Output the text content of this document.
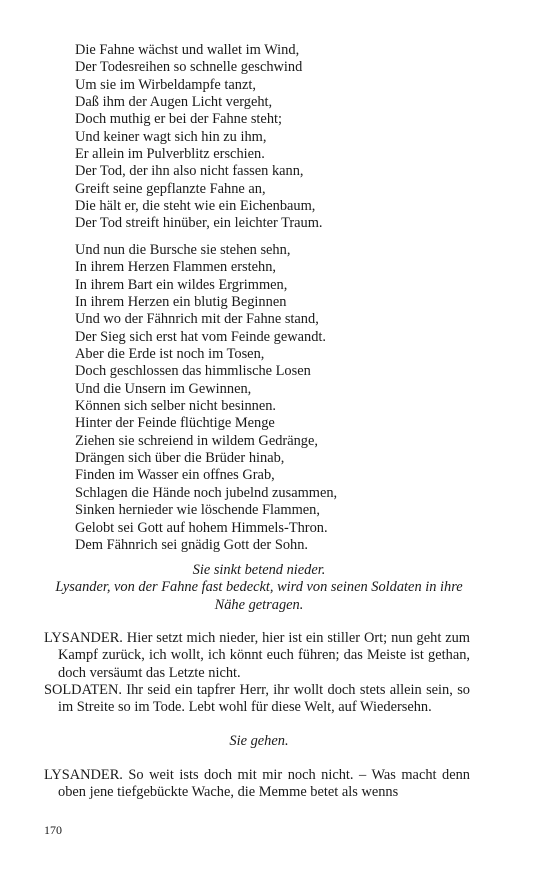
Die Fahne wächst und wallet im Wind,
Der Todesreihen so schnelle geschwind
Um sie im Wirbeldampfe tanzt,
Daß ihm der Augen Licht vergeht,
Doch muthig er bei der Fahne steht;
Und keiner wagt sich hin zu ihm,
Er allein im Pulverblitz erschien.
Der Tod, der ihn also nicht fassen kann,
Greift seine gepflanzte Fahne an,
Die hält er, die steht wie ein Eichenbaum,
Der Tod streift hinüber, ein leichter Traum.
Und nun die Bursche sie stehen sehn,
In ihrem Herzen Flammen erstehn,
In ihrem Bart ein wildes Ergrimmen,
In ihrem Herzen ein blutig Beginnen
Und wo der Fähnrich mit der Fahne stand,
Der Sieg sich erst hat vom Feinde gewandt.
Aber die Erde ist noch im Tosen,
Doch geschlossen das himmlische Losen
Und die Unsern im Gewinnen,
Können sich selber nicht besinnen.
Hinter der Feinde flüchtige Menge
Ziehen sie schreiend in wildem Gedränge,
Drängen sich über die Brüder hinab,
Finden im Wasser ein offnes Grab,
Schlagen die Hände noch jubelnd zusammen,
Sinken hernieder wie löschende Flammen,
Gelobt sei Gott auf hohem Himmels-Thron.
Dem Fähnrich sei gnädig Gott der Sohn.
Sie sinkt betend nieder.
Lysander, von der Fahne fast bedeckt, wird von seinen Soldaten in ihre Nähe getragen.
LYSANDER. Hier setzt mich nieder, hier ist ein stiller Ort; nun geht zum Kampf zurück, ich wollt, ich könnt euch führen; das Meiste ist gethan, doch versäumt das Letzte nicht.
SOLDATEN. Ihr seid ein tapfrer Herr, ihr wollt doch stets allein sein, so im Streite so im Tode. Lebt wohl für diese Welt, auf Wiedersehn.
Sie gehen.
LYSANDER. So weit ists doch mit mir noch nicht. – Was macht denn oben jene tiefgebückte Wache, die Memme betet als wenns
170
